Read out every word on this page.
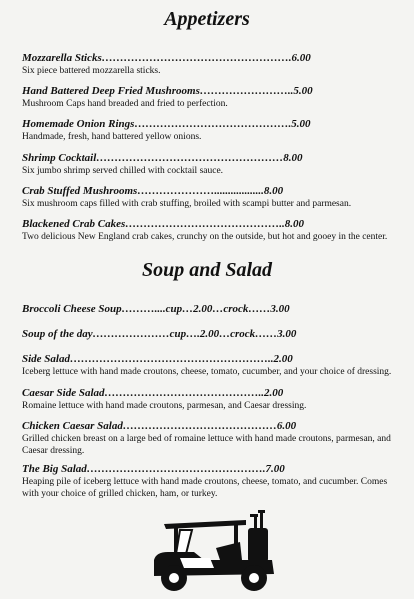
Appetizers
Mozzarella Sticks…………………………………………….6.00
Six piece battered mozzarella sticks.
Hand Battered Deep Fried Mushrooms……………………..5.00
Mushroom Caps hand breaded and fried to perfection.
Homemade Onion Rings…………………………………….5.00
Handmade, fresh, hand battered yellow onions.
Shrimp Cocktail……………………………………………8.00
Six jumbo shrimp served chilled with cocktail sauce.
Crab Stuffed Mushrooms…………………..................8.00
Six mushroom caps filled with crab stuffing, broiled with scampi butter and parmesan.
Blackened Crab Cakes……………………………………..8.00
Two delicious New England crab cakes, crunchy on the outside, but hot and gooey in the center.
Soup and Salad
Broccoli Cheese Soup………....cup…2.00…crock……3.00
Soup of the day…………………cup….2.00…crock……3.00
Side Salad………………………………………………..2.00
Iceberg lettuce with hand made croutons, cheese, tomato, cucumber, and your choice of dressing.
Caesar Side Salad……………………………………..2.00
Romaine lettuce with hand made croutons, parmesan, and Caesar dressing.
Chicken Caesar Salad……………………………………6.00
Grilled chicken breast on a large bed of romaine lettuce with hand made croutons, parmesan, and Caesar dressing.
The Big Salad………………………………………….7.00
Heaping pile of iceberg lettuce with hand made croutons, cheese, tomato, and cucumber. Comes with your choice of grilled chicken, ham, or turkey.
